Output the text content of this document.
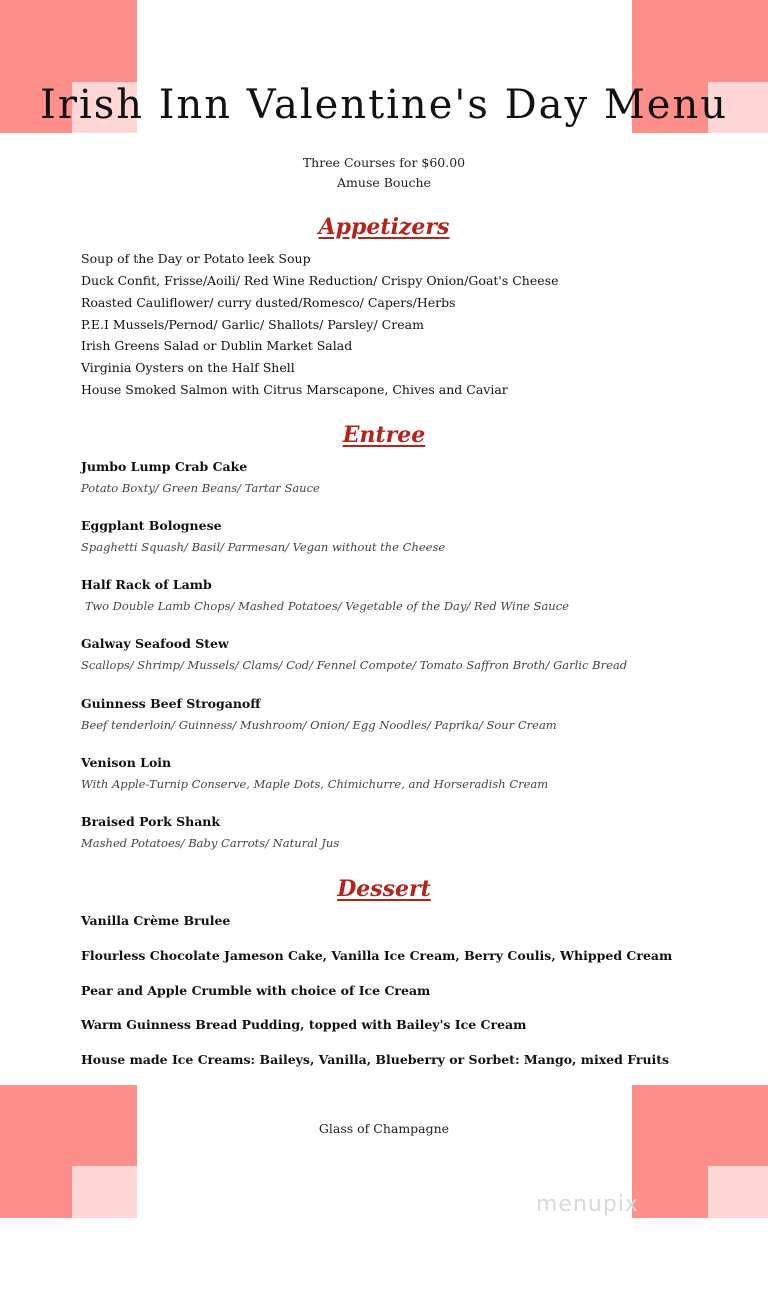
Irish Inn Valentine's Day Menu
Three Courses for $60.00
Amuse Bouche
Appetizers
Soup of the Day or Potato leek Soup
Duck Confit, Frisse/Aoili/ Red Wine Reduction/ Crispy Onion/Goat's Cheese
Roasted Cauliflower/ curry dusted/Romesco/ Capers/Herbs
P.E.I Mussels/Pernod/ Garlic/ Shallots/ Parsley/ Cream
Irish Greens Salad or Dublin Market Salad
Virginia Oysters on the Half Shell
House Smoked Salmon with Citrus Marscapone, Chives and Caviar
Entree
Jumbo Lump Crab Cake
Potato Boxty/ Green Beans/ Tartar Sauce
Eggplant Bolognese
Spaghetti Squash/ Basil/ Parmesan/ Vegan without the Cheese
Half Rack of Lamb
Two Double Lamb Chops/ Mashed Potatoes/ Vegetable of the Day/ Red Wine Sauce
Galway Seafood Stew
Scallops/ Shrimp/ Mussels/ Clams/ Cod/ Fennel Compote/ Tomato Saffron Broth/ Garlic Bread
Guinness Beef Stroganoff
Beef tenderloin/ Guinness/ Mushroom/ Onion/ Egg Noodles/ Paprika/ Sour Cream
Venison Loin
With Apple-Turnip Conserve, Maple Dots, Chimichurre, and Horseradish Cream
Braised Pork Shank
Mashed Potatoes/ Baby Carrots/ Natural Jus
Dessert
Vanilla Crème Brulee
Flourless Chocolate Jameson Cake, Vanilla Ice Cream, Berry Coulis, Whipped Cream
Pear and Apple Crumble with choice of Ice Cream
Warm Guinness Bread Pudding, topped with Bailey's Ice Cream
House made Ice Creams: Baileys, Vanilla, Blueberry or Sorbet: Mango, mixed Fruits
Glass of Champagne
menupix
